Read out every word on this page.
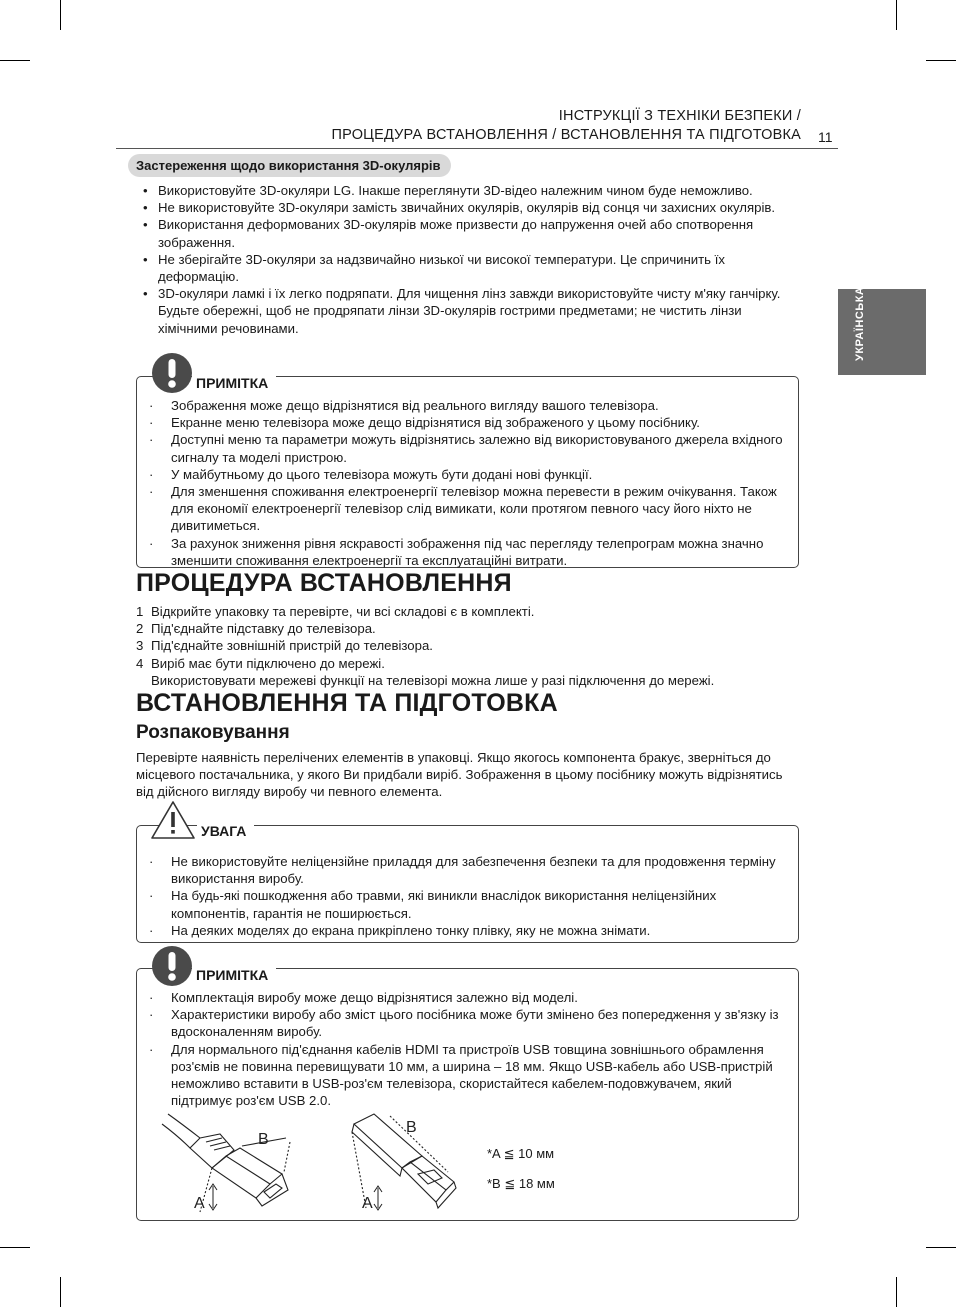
ІНСТРУКЦІЇ З ТЕХНІКИ БЕЗПЕКИ /
ПРОЦЕДУРА ВСТАНОВЛЕННЯ / ВСТАНОВЛЕННЯ ТА ПІДГОТОВКА 11
УКРАЇНСЬКА
Застереження щодо використання 3D-окулярів
• Використовуйте 3D-окуляри LG. Інакше переглянути 3D-відео належним чином буде неможливо.
• Не використовуйте 3D-окуляри замість звичайних окулярів, окулярів від сонця чи захисних окулярів.
• Використання деформованих 3D-окулярів може призвести до напруження очей або спотворення зображення.
• Не зберігайте 3D-окуляри за надзвичайно низької чи високої температури. Це спричинить їх деформацію.
• 3D-окуляри ламкі і їх легко подряпати. Для чищення лінз завжди використовуйте чисту м'яку ганчірку. Будьте обережні, щоб не продряпати лінзи 3D-окулярів гострими предметами; не чистить лінзи хімічними речовинами.
ПРИМІТКА
· Зображення може дещо відрізнятися від реального вигляду вашого телевізора.
· Екранне меню телевізора може дещо відрізнятися від зображеного у цьому посібнику.
· Доступні меню та параметри можуть відрізнятись залежно від використовуваного джерела вхідного сигналу та моделі пристрою.
· У майбутньому до цього телевізора можуть бути додані нові функції.
· Для зменшення споживання електроенергії телевізор можна перевести в режим очікування. Також для економії електроенергії телевізор слід вимикати, коли протягом певного часу його ніхто не дивитиметься.
· За рахунок зниження рівня яскравості зображення під час перегляду телепрограм можна значно зменшити споживання електроенергії та експлуатаційні витрати.
ПРОЦЕДУРА ВСТАНОВЛЕННЯ
1 Відкрийте упаковку та перевірте, чи всі складові є в комплекті.
2 Під'єднайте підставку до телевізора.
3 Під'єднайте зовнішній пристрій до телевізора.
4 Виріб має бути підключено до мережі.
Використовувати мережеві функції на телевізорі можна лише у разі підключення до мережі.
ВСТАНОВЛЕННЯ ТА ПІДГОТОВКА
Розпаковування
Перевірте наявність перелічених елементів в упаковці. Якщо якогось компонента бракує, зверніться до місцевого постачальника, у якого Ви придбали виріб. Зображення в цьому посібнику можуть відрізнятись від дійсного вигляду виробу чи певного елемента.
УВАГА
· Не використовуйте неліцензійне приладдя для забезпечення безпеки та для продовження терміну використання виробу.
· На будь-які пошкодження або травми, які виникли внаслідок використання неліцензійних компонентів, гарантія не поширюється.
· На деяких моделях до екрана прикріплено тонку плівку, яку не можна знімати.
ПРИМІТКА
· Комплектація виробу може дещо відрізнятися залежно від моделі.
· Характеристики виробу або зміст цього посібника може бути змінено без попередження у зв'язку із вдосконаленням виробу.
· Для нормального під'єднання кабелів HDMI та пристроїв USB товщина зовнішнього обрамлення роз'ємів не повинна перевищувати 10 мм, а ширина – 18 мм. Якщо USB-кабель або USB-пристрій неможливо вставити в USB-роз'єм телевізора, скористайтеся кабелем-подовжувачем, який підтримує роз'єм USB 2.0.
B
A
B
A
*A ≦ 10 мм
*B ≦ 18 мм
